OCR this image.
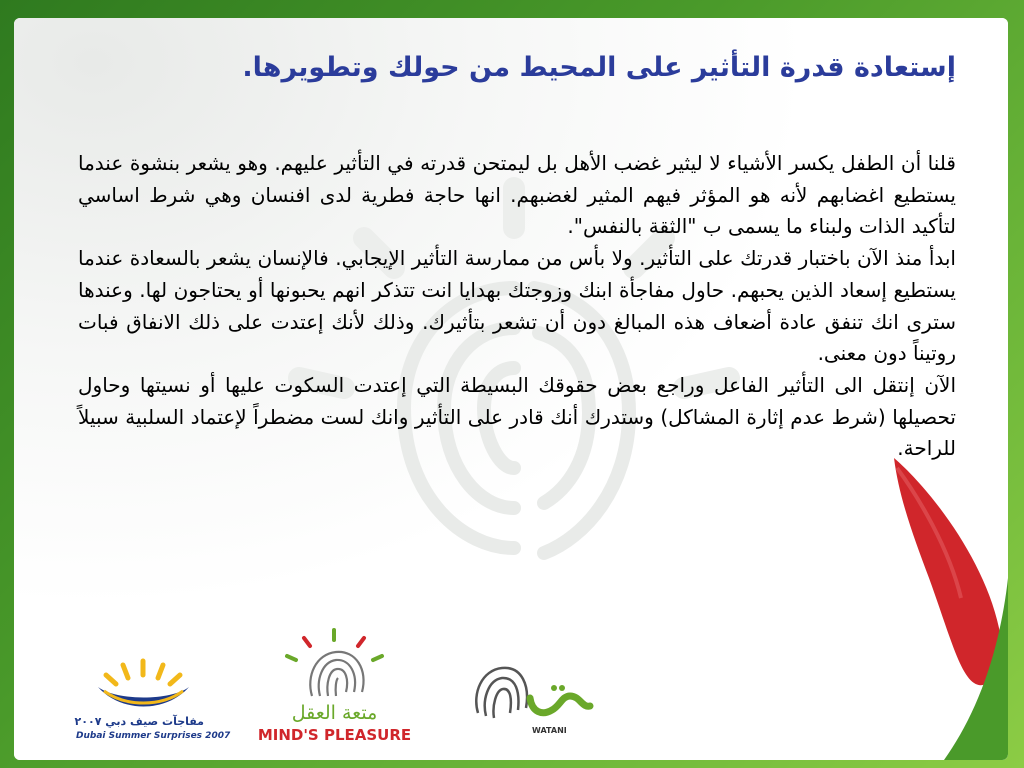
إستعادة قدرة التأثير على المحيط من حولك وتطويرها.

قلنا أن الطفل يكسر الأشياء لا ليثير غضب الأهل بل ليمتحن قدرته في التأثير عليهم. وهو يشعر بنشوة عندما يستطيع اغضابهم لأنه هو المؤثر فيهم المثير لغضبهم. انها حاجة فطرية لدى افنسان وهي شرط اساسي لتأكيد الذات ولبناء ما يسمى ب "الثقة بالنفس".

ابدأ منذ الآن باختبار قدرتك على التأثير. ولا بأس من ممارسة التأثير الإيجابي. فالإنسان يشعر بالسعادة عندما يستطيع إسعاد الذين يحبهم. حاول مفاجأة ابنك وزوجتك بهدايا انت تتذكر انهم يحبونها أو يحتاجون لها. وعندها سترى انك تنفق عادة أضعاف هذه المبالغ دون أن تشعر بتأثيرك. وذلك لأنك إعتدت على ذلك الانفاق فبات روتيناً دون معنى.

الآن إنتقل الى التأثير الفاعل وراجع بعض حقوقك البسيطة التي إعتدت السكوت عليها أو نسيتها وحاول تحصيلها (شرط عدم إثارة المشاكل) وستدرك أنك قادر على التأثير وانك لست مضطراً لإعتماد السلبية سبيلاً للراحة.

مفاجآت صيف دبي ٢٠٠٧
Dubai Summer Surprises 2007
متعة العقل
MIND'S PLEASURE	WATANI
